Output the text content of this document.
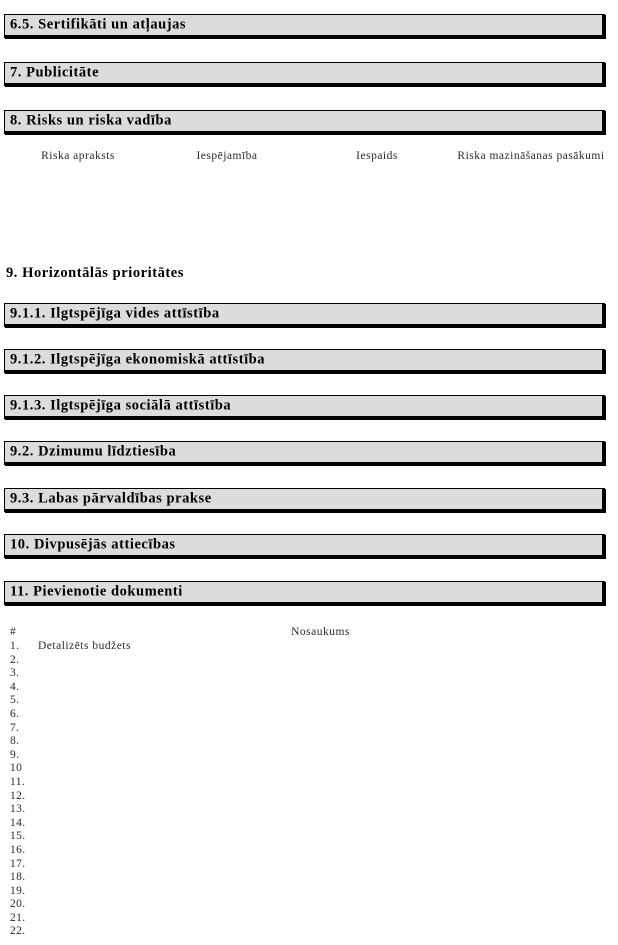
6.5. Sertifikāti un atļaujas
7. Publicitāte
8. Risks un riska vadība
9. Horizontālās prioritātes
9.1.1. Ilgtspējīga vides attīstība
9.1.2. Ilgtspējīga ekonomiskā attīstība
9.1.3. Ilgtspējīga sociālā attīstība
9.2. Dzimumu līdztiesība
9.3. Labas pārvaldības prakse
10. Divpusējās attiecības
11. Pievienotie dokumenti
Riska apraksts	Iespējamība	Iespaids	Riska mazināšanas pasākumi
#	Nosaukums
1. Detalizēts budžets
2.
3.
4.
5.
6.
7.
8.
9.
10
11.
12.
13.
14.
15.
16.
17.
18.
19.
20.
21.
22.
